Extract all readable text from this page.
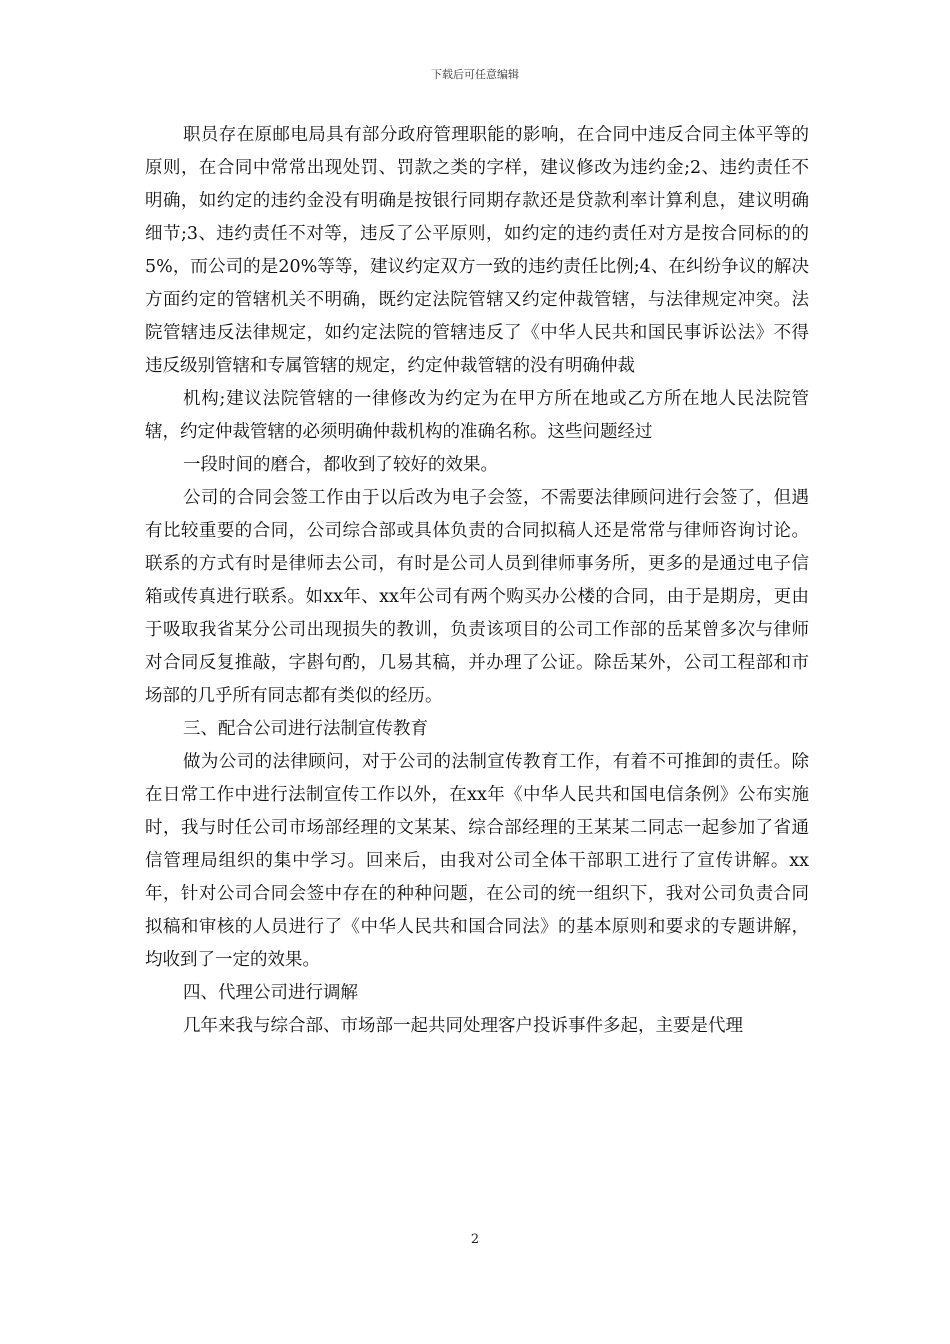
下载后可任意编辑

职员存在原邮电局具有部分政府管理职能的影响，在合同中违反合同主体平等的原则，在合同中常常出现处罚、罚款之类的字样，建议修改为违约金;2、违约责任不明确，如约定的违约金没有明确是按银行同期存款还是贷款利率计算利息，建议明确细节;3、违约责任不对等，违反了公平原则，如约定的违约责任对方是按合同标的的5%，而公司的是20%等等，建议约定双方一致的违约责任比例;4、在纠纷争议的解决方面约定的管辖机关不明确，既约定法院管辖又约定仲裁管辖，与法律规定冲突。法院管辖违反法律规定，如约定法院的管辖违反了《中华人民共和国民事诉讼法》不得违反级别管辖和专属管辖的规定，约定仲裁管辖的没有明确仲裁

机构;建议法院管辖的一律修改为约定为在甲方所在地或乙方所在地人民法院管辖，约定仲裁管辖的必须明确仲裁机构的准确名称。这些问题经过

一段时间的磨合，都收到了较好的效果。

公司的合同会签工作由于以后改为电子会签，不需要法律顾问进行会签了，但遇有比较重要的合同，公司综合部或具体负责的合同拟稿人还是常常与律师咨询讨论。联系的方式有时是律师去公司，有时是公司人员到律师事务所，更多的是通过电子信箱或传真进行联系。如xx年、xx年公司有两个购买办公楼的合同，由于是期房，更由于吸取我省某分公司出现损失的教训，负责该项目的公司工作部的岳某曾多次与律师对合同反复推敲，字斟句酌，几易其稿，并办理了公证。除岳某外，公司工程部和市场部的几乎所有同志都有类似的经历。

三、配合公司进行法制宣传教育

做为公司的法律顾问，对于公司的法制宣传教育工作，有着不可推卸的责任。除在日常工作中进行法制宣传工作以外，在xx年《中华人民共和国电信条例》公布实施时，我与时任公司市场部经理的文某某、综合部经理的王某某二同志一起参加了省通信管理局组织的集中学习。回来后，由我对公司全体干部职工进行了宣传讲解。xx年，针对公司合同会签中存在的种种问题，在公司的统一组织下，我对公司负责合同拟稿和审核的人员进行了《中华人民共和国合同法》的基本原则和要求的专题讲解，均收到了一定的效果。

四、代理公司进行调解

几年来我与综合部、市场部一起共同处理客户投诉事件多起，主要是代理

2
